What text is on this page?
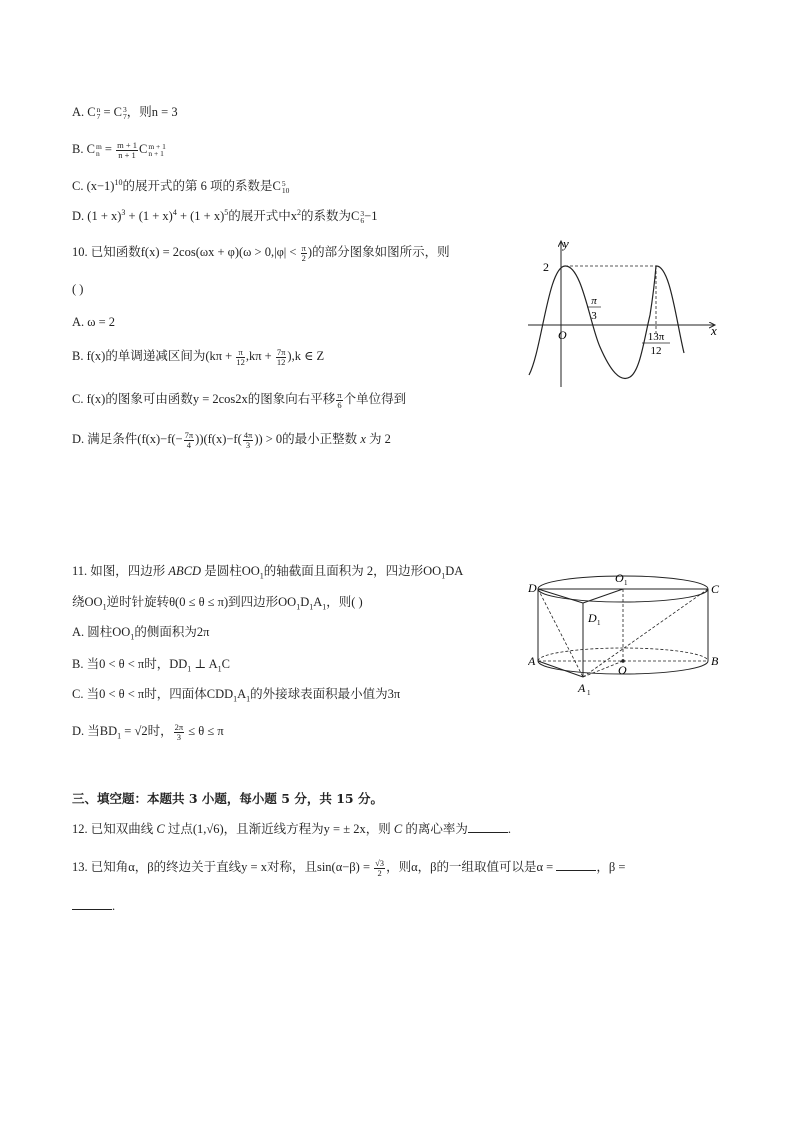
A. C n
7 = C 3
7 ，则n = 3
B. C m
$n = \frac{m + 1}{n + 1}$ C m + 1
n + 1
C. $(x-1)^{10}$的展开式的第 6 项的系数是C 5
10
D. $(1 + x)^3 + (1 + x)^4 + (1 + x)^5$的展开式中$x^2$的系数为C 3
6 −1
10. 已知函数$f(x) = 2\cos(\omega x + \varphi)(\omega > 0,|\varphi| < \frac{\pi}{2}$ )的部分图象如图所示，则
( )
A. ω = 2
B. f(x)的单调递减区间为$(k\pi + \frac{\pi}{12} ,k\pi + \frac{7\pi}{12} ),k$ ∈ Z
C. f(x)的图象可由函数y = 2cos2x的图象向右平移 $\frac{\pi}{6}$ 个单位得到
D. 满足条件$(f(x)-f(- \frac{7\pi}{4} ))(f(x)-f( \frac{4\pi}{3}$ )) > 0的最小正整数 x 为 2
y
x
O
2
π
3
13π
12
11. 如图，四边形 ABCD 是圆柱$OO_1$的轴截面且面积为 2，四边形$OO_1DA$
绕$OO_1$逆时针旋转θ(0 ≤ θ ≤ π)到四边形$OO_1D_1A_1$，则( )
A. 圆柱$OO_1$的侧面积为2π
B. 当0 < θ < π时，$DD_1$ ⊥ $A_1C$
C. 当0 < θ < π时，四面体$CDD_1A_1$的外接球表面积最小值为3π
D. 当$BD_1 = √2$时， $\frac{2\pi}{3} \le \theta \le \pi$
D	C
O 1
D 1
A	B
O
A 1
三、填空题：本题共 3 小题，每小题 5 分，共 15 分。
12. 已知双曲线 C 过点(1,√6)，且渐近线方程为y = ± 2x，则 C 的离心率为	.
13. 已知角α，β的终边关于直线y = x对称，且$\sin(\alpha-\beta) = \frac{√3}{2}$ ，则α，β的一组取值可以是α =	，β =
.
